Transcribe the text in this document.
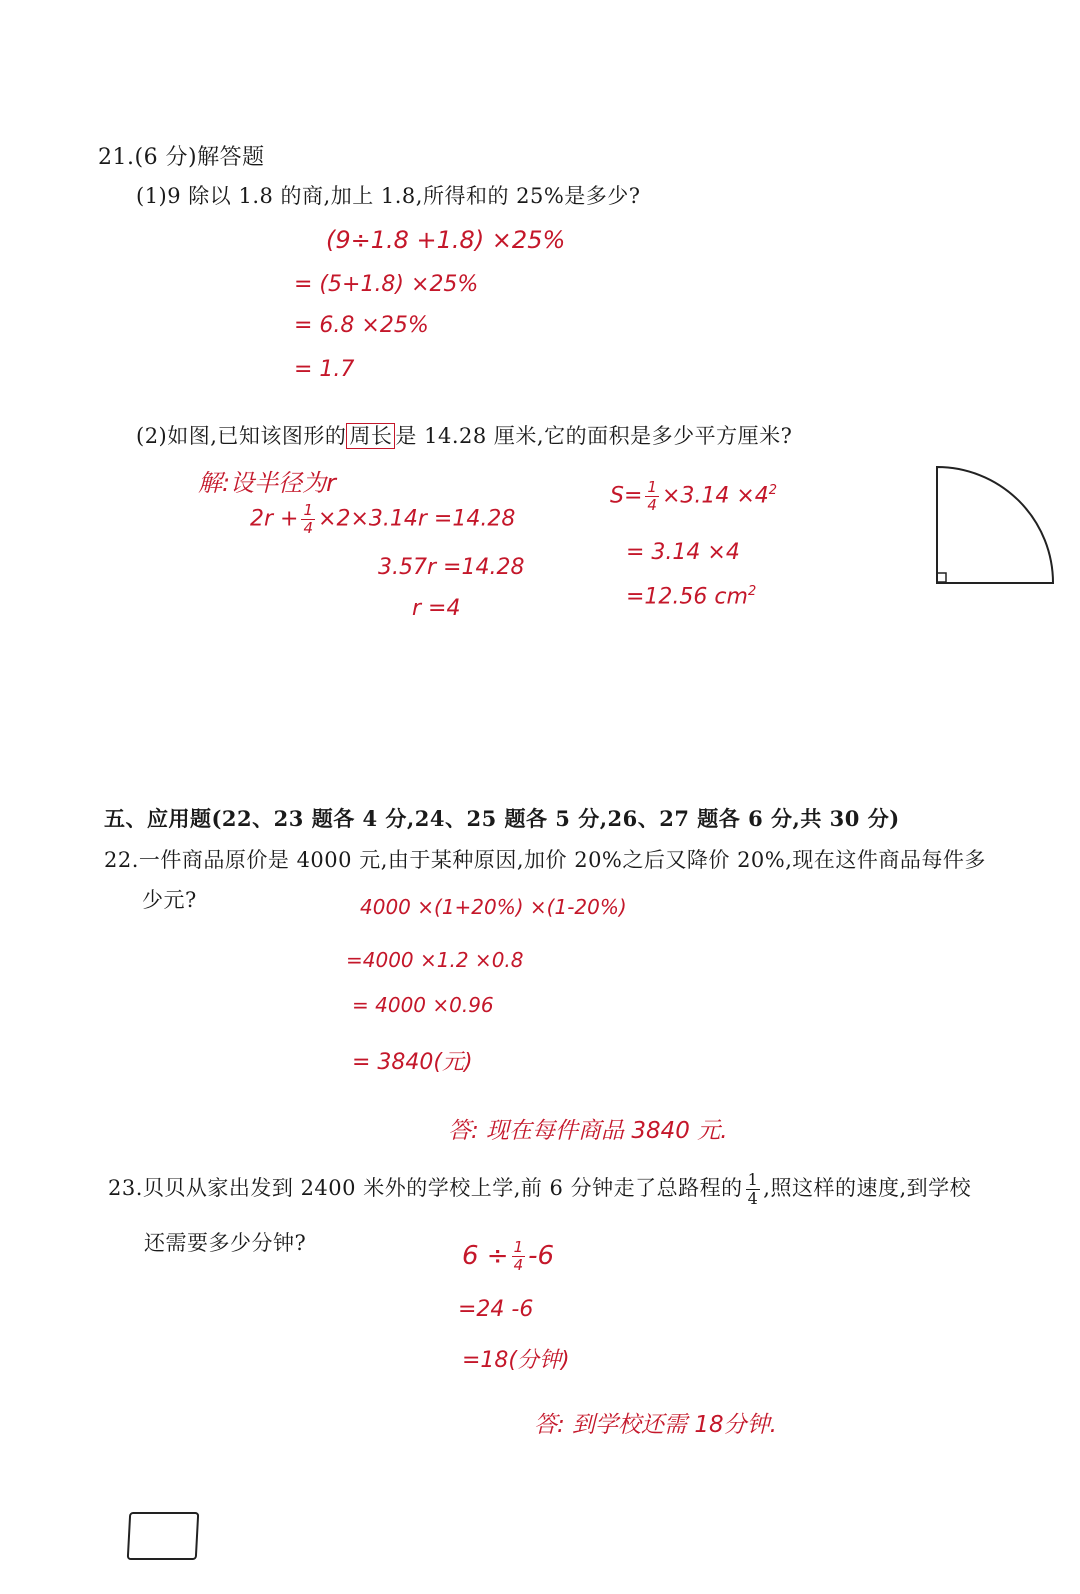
21.(6 分)解答题
(1)9 除以 1.8 的商,加上 1.8,所得和的 25%是多少?
(9÷1.8 +1.8) ×25%
= (5+1.8) ×25%
= 6.8 ×25%
= 1.7
(2)如图,已知该图形的 周长 是 14.28 厘米,它的面积是多少平方厘米?
解:设半径为r
$2r + \frac{1}{4} \times 2\times 3.14r =14.28$
3.57r =14.28
r =4
$S= \frac{1}{4} \times 3.14 \times 4^2$
= 3.14 ×4
=12.56 $cm^2$
五、应用题(22、23 题各 4 分,24、25 题各 5 分,26、27 题各 6 分,共 30 分)
22.一件商品原价是 4000 元,由于某种原因,加价 20%之后又降价 20%,现在这件商品每件多
少元?	4000 ×(1+20%) ×(1-20%)
=4000 ×1.2 ×0.8
= 4000 ×0.96
= 3840(元)
答: 现在每件商品 3840 元.
23.贝贝从家出发到 2400 米外的学校上学,前 6 分钟走了总路程的 $\frac{1}{4}$ ,照这样的速度,到学校
还需要多少分钟?	$6 \div \frac{1}{4} -6$
=24 -6
=18(分钟)
答: 到学校还需 18分钟.
